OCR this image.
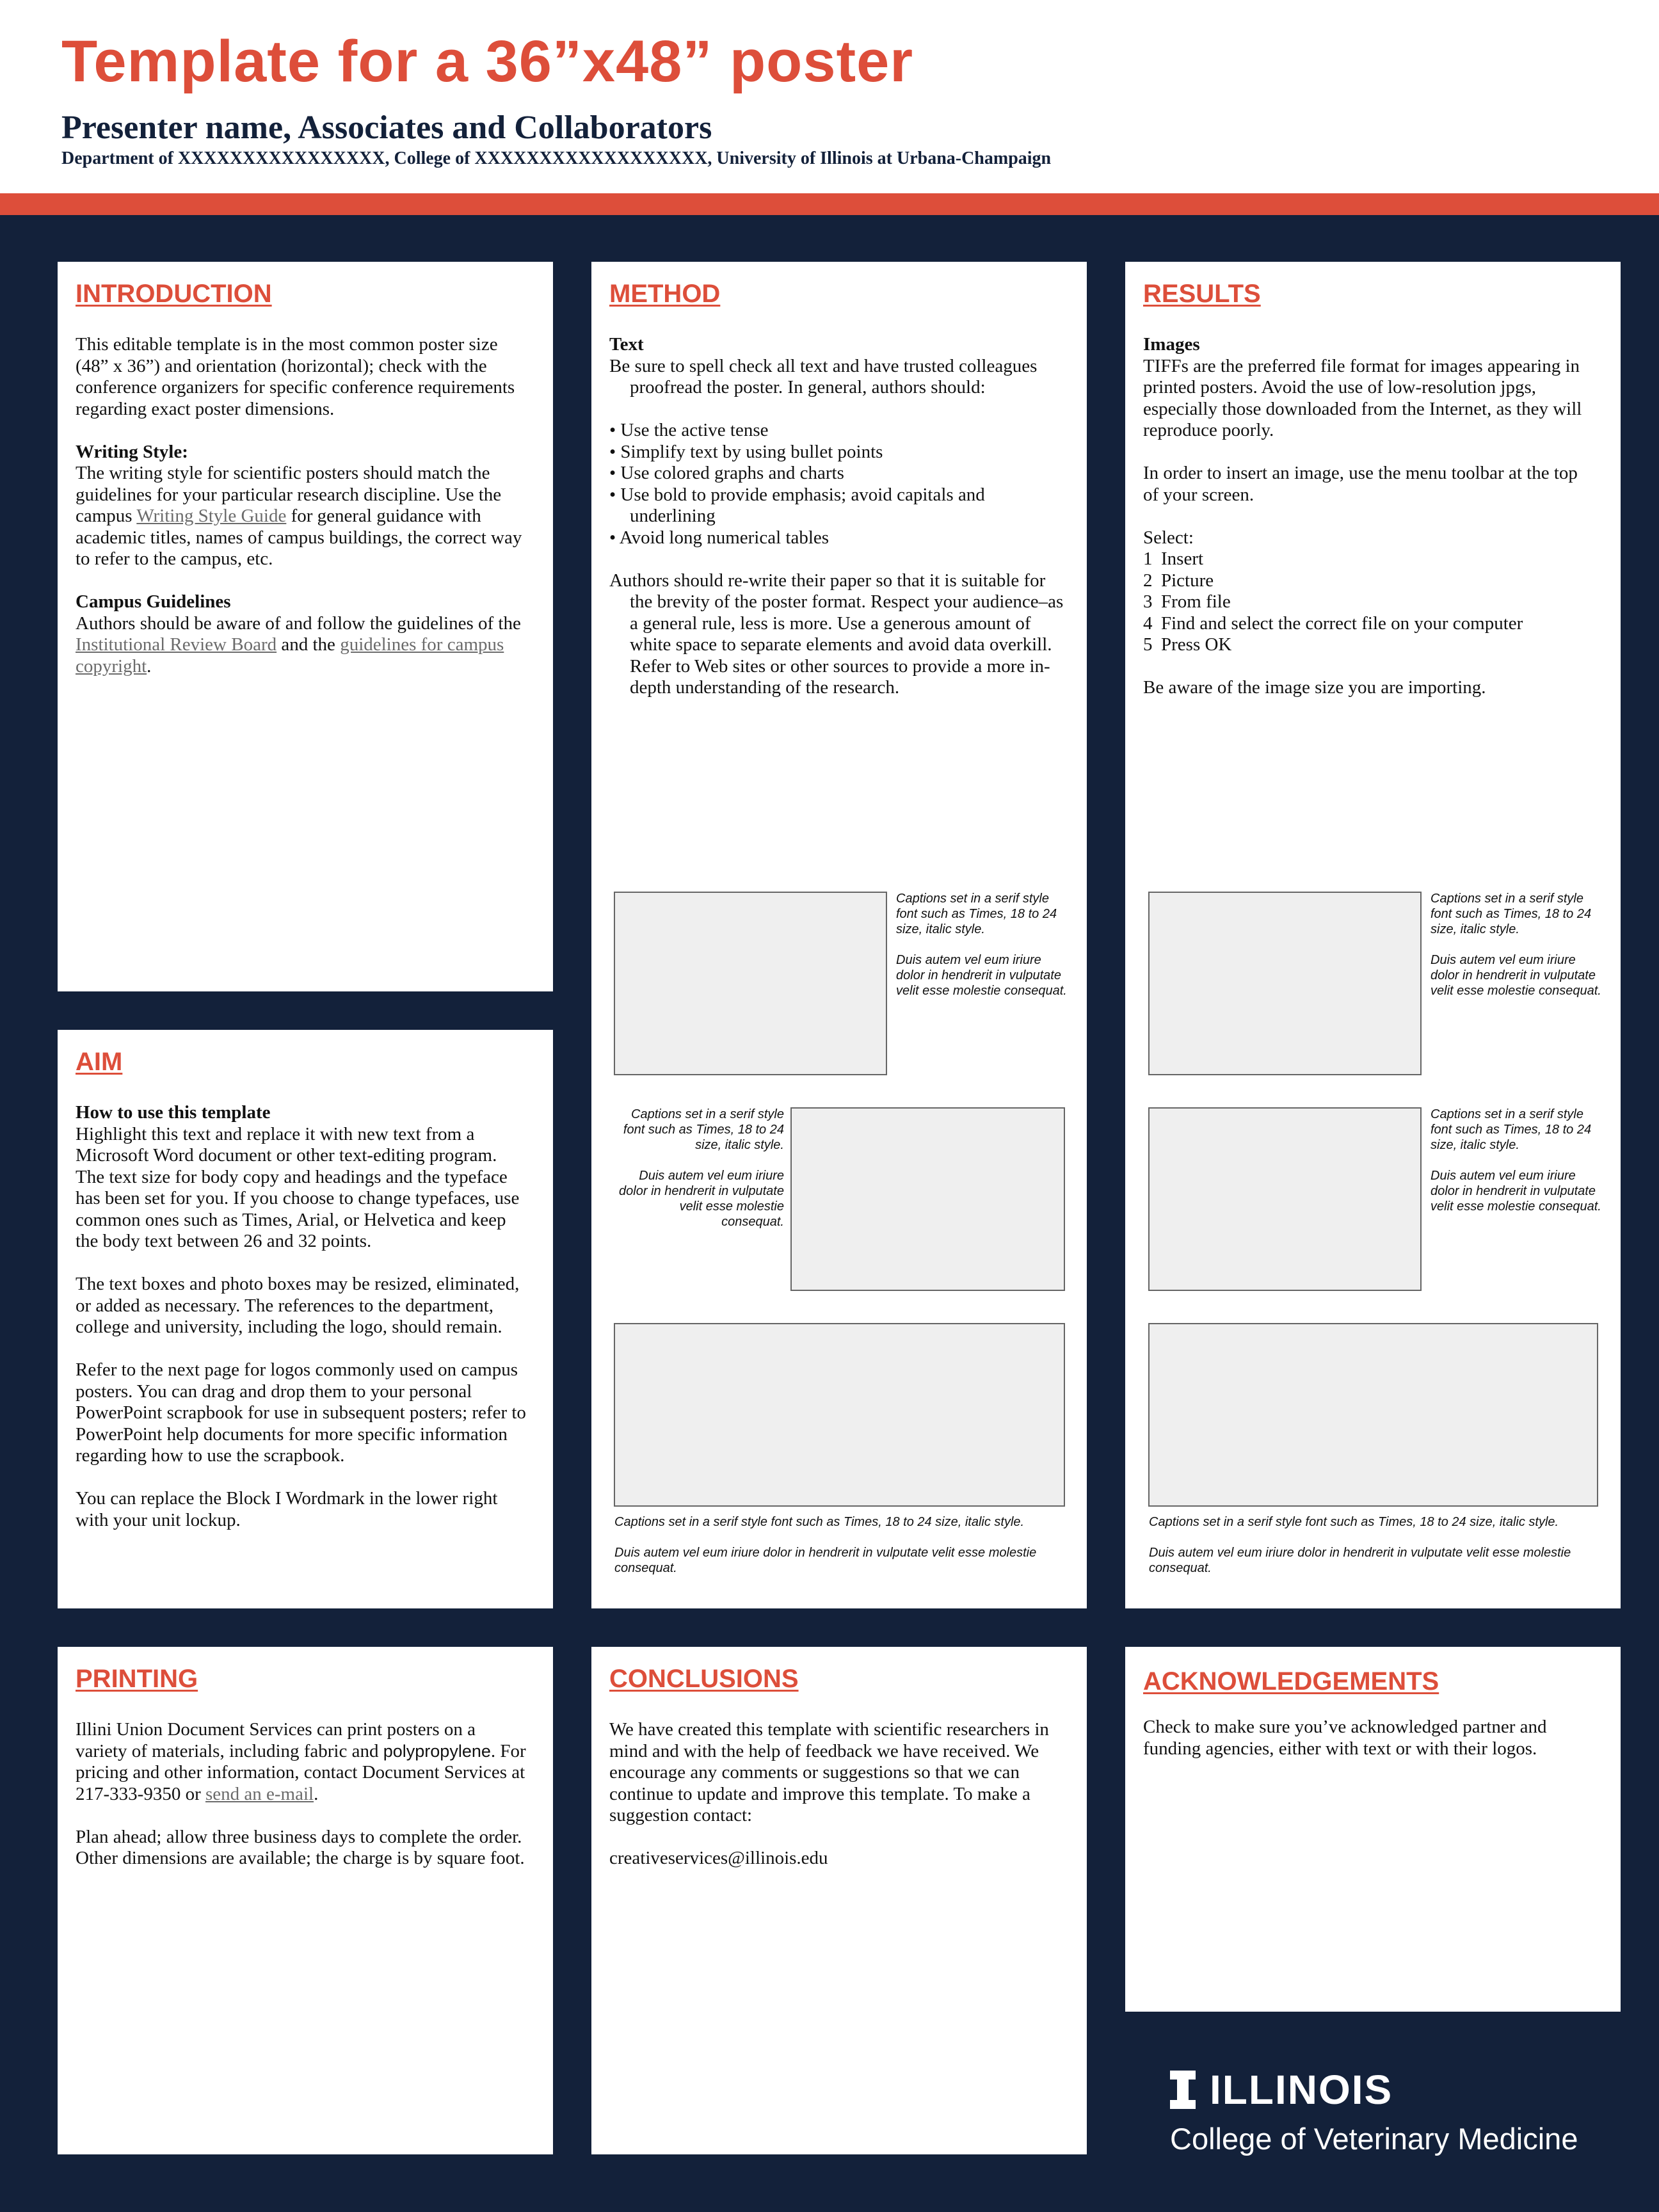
Template for a 36”x48” poster
Presenter name, Associates and Collaborators
Department of XXXXXXXXXXXXXXXX, College of XXXXXXXXXXXXXXXXXX, University of Illinois at Urbana-Champaign
INTRODUCTION

This editable template is in the most common poster size (48” x 36”) and orientation (horizontal); check with the conference organizers for specific conference requirements regarding exact poster dimensions.

Writing Style:
The writing style for scientific posters should match the guidelines for your particular research discipline. Use the campus Writing Style Guide for general guidance with academic titles, names of campus buildings, the correct way to refer to the campus, etc.

Campus Guidelines
Authors should be aware of and follow the guidelines of the Institutional Review Board and the guidelines for campus copyright.

AIM

How to use this template
Highlight this text and replace it with new text from a Microsoft Word document or other text-editing program. The text size for body copy and headings and the typeface has been set for you. If you choose to change typefaces, use common ones such as Times, Arial, or Helvetica and keep the body text between 26 and 32 points.

The text boxes and photo boxes may be resized, eliminated, or added as necessary. The references to the department, college and university, including the logo, should remain.

Refer to the next page for logos commonly used on campus posters. You can drag and drop them to your personal PowerPoint scrapbook for use in subsequent posters; refer to PowerPoint help documents for more specific information regarding how to use the scrapbook.

You can replace the Block I Wordmark in the lower right with your unit lockup.

PRINTING

Illini Union Document Services can print posters on a variety of materials, including fabric and polypropylene. For pricing and other information, contact Document Services at 217-333-9350 or send an e-mail.

Plan ahead; allow three business days to complete the order. Other dimensions are available; the charge is by square foot.

METHOD

Text
Be sure to spell check all text and have trusted colleagues proofread the poster. In general, authors should:

• Use the active tense
• Simplify text by using bullet points
• Use colored graphs and charts
• Use bold to provide emphasis; avoid capitals and underlining
• Avoid long numerical tables

Authors should re-write their paper so that it is suitable for the brevity of the poster format. Respect your audience–as a general rule, less is more. Use a generous amount of white space to separate elements and avoid data overkill. Refer to Web sites or other sources to provide a more in-depth understanding of the research.

Captions set in a serif style font such as Times, 18 to 24 size, italic style.

Duis autem vel eum iriure dolor in hendrerit in vulputate velit esse molestie consequat.

Captions set in a serif style font such as Times, 18 to 24 size, italic style.

Duis autem vel eum iriure dolor in hendrerit in vulputate velit esse molestie consequat.

Captions set in a serif style font such as Times, 18 to 24 size, italic style.

Duis autem vel eum iriure dolor in hendrerit in vulputate velit esse molestie consequat.

CONCLUSIONS

We have created this template with scientific researchers in mind and with the help of feedback we have received. We encourage any comments or suggestions so that we can continue to update and improve this template. To make a suggestion contact:

creativeservices@illinois.edu

RESULTS

Images
TIFFs are the preferred file format for images appearing in printed posters. Avoid the use of low-resolution jpgs, especially those downloaded from the Internet, as they will reproduce poorly.

In order to insert an image, use the menu toolbar at the top of your screen.

Select:

1 Insert
2 Picture
3 From file
4 Find and select the correct file on your computer
5 Press OK

Be aware of the image size you are importing.

Captions set in a serif style font such as Times, 18 to 24 size, italic style.

Duis autem vel eum iriure dolor in hendrerit in vulputate velit esse molestie consequat.

Captions set in a serif style font such as Times, 18 to 24 size, italic style.

Duis autem vel eum iriure dolor in hendrerit in vulputate velit esse molestie consequat.

Captions set in a serif style font such as Times, 18 to 24 size, italic style.

Duis autem vel eum iriure dolor in hendrerit in vulputate velit esse molestie consequat.

ACKNOWLEDGEMENTS

Check to make sure you’ve acknowledged partner and funding agencies, either with text or with their logos.

ILLINOIS
College of Veterinary Medicine
